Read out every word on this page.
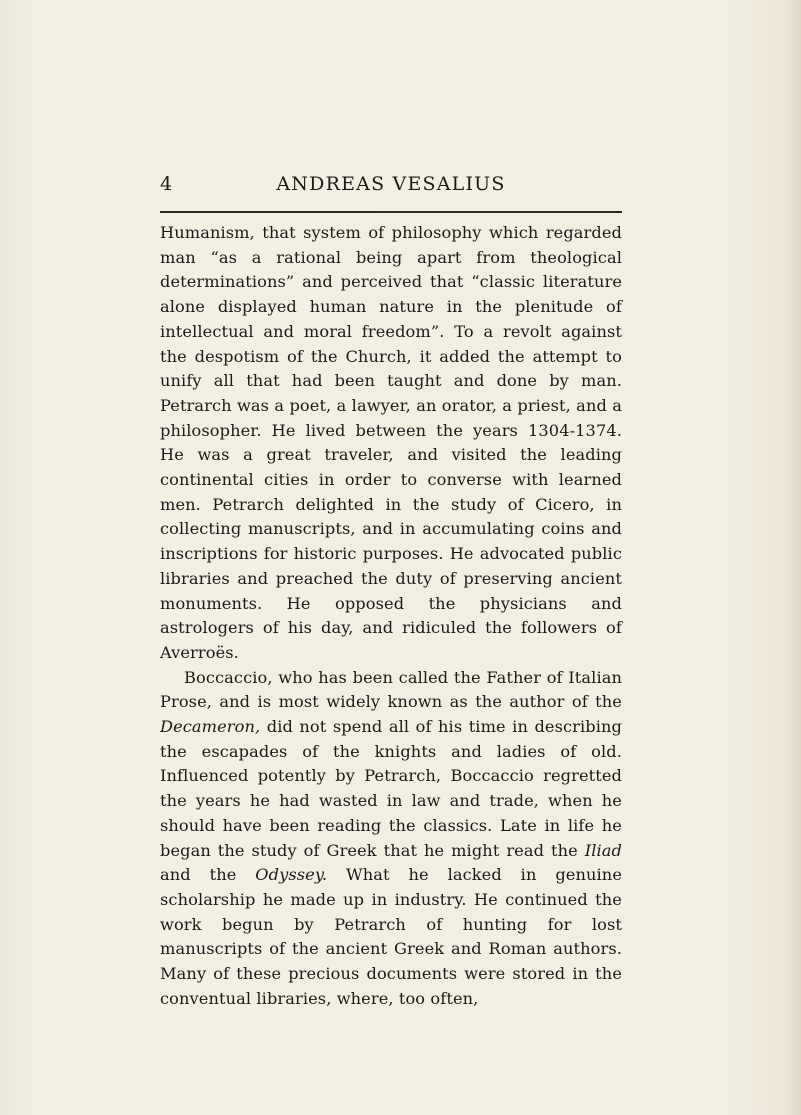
4	ANDREAS VESALIUS

Humanism, that system of philosophy which regarded man “as a rational being apart from theological determinations” and perceived that “classic literature alone displayed human nature in the plenitude of intellectual and moral freedom”. To a revolt against the despotism of the Church, it added the attempt to unify all that had been taught and done by man. Petrarch was a poet, a lawyer, an orator, a priest, and a philosopher. He lived between the years 1304-1374. He was a great traveler, and visited the leading continental cities in order to converse with learned men. Petrarch delighted in the study of Cicero, in collecting manuscripts, and in accumulating coins and inscriptions for historic purposes. He advocated public libraries and preached the duty of preserving ancient monuments. He opposed the physicians and astrologers of his day, and ridiculed the followers of Averroës.

Boccaccio, who has been called the Father of Italian Prose, and is most widely known as the author of the Decameron, did not spend all of his time in describing the escapades of the knights and ladies of old. Influenced potently by Petrarch, Boccaccio regretted the years he had wasted in law and trade, when he should have been reading the classics. Late in life he began the study of Greek that he might read the Iliad and the Odyssey. What he lacked in genuine scholarship he made up in industry. He continued the work begun by Petrarch of hunting for lost manuscripts of the ancient Greek and Roman authors. Many of these precious documents were stored in the conventual libraries, where, too often,
